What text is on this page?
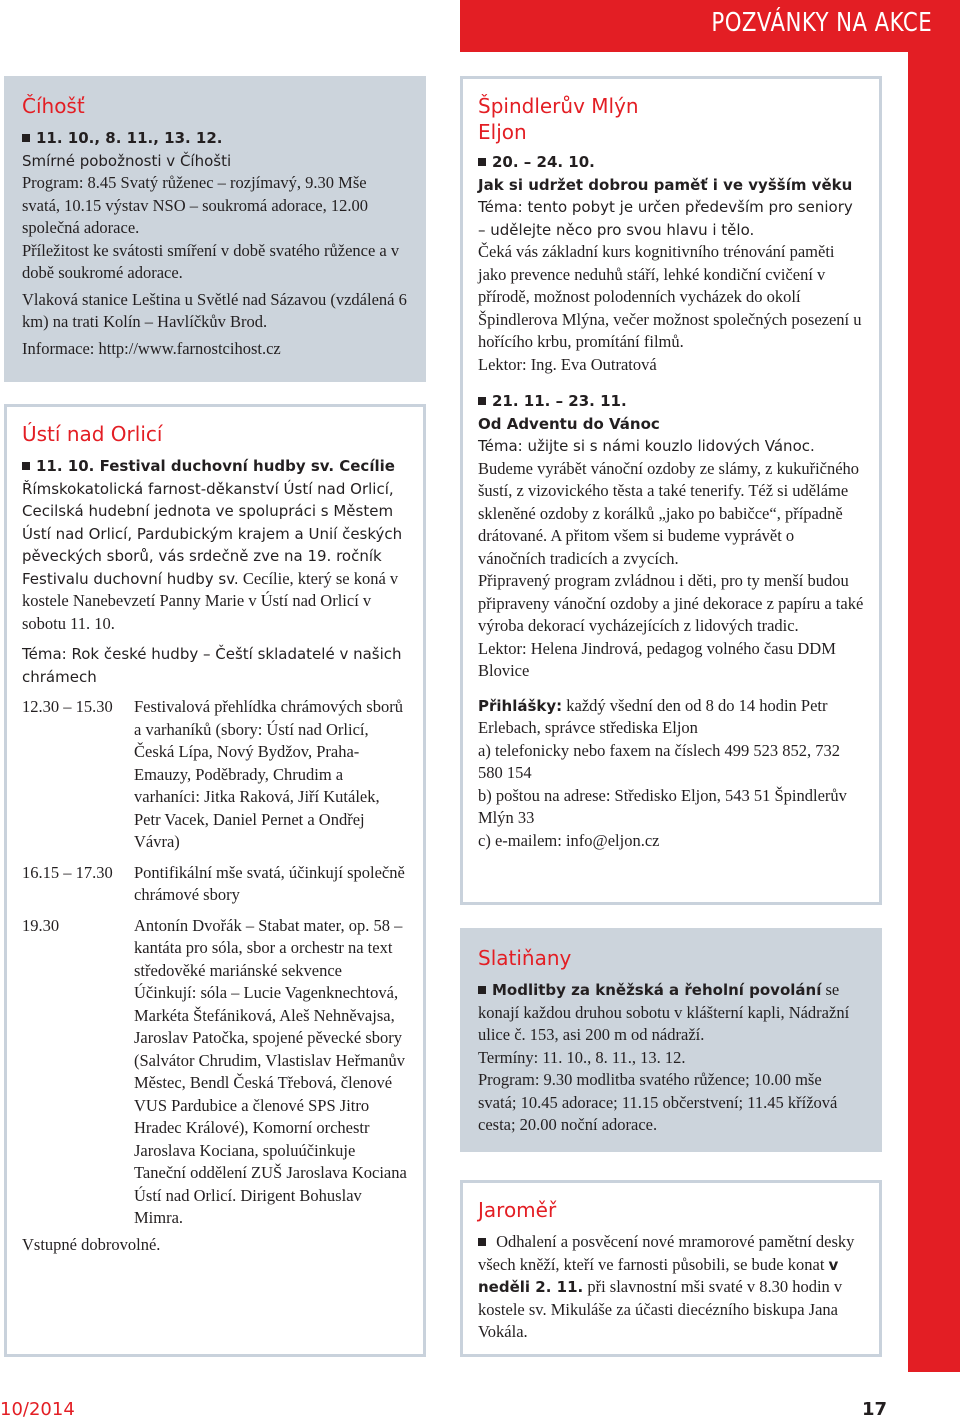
POZVÁNKY NA AKCE
Číhošť

11. 10., 8. 11., 13. 12.

Smírné pobožnosti v Číhošti

Program: 8.45 Svatý růženec – rozjímavý, 9.30 Mše svatá, 10.15 výstav NSO – soukromá adorace, 12.00 společná adorace.

Příležitost ke svátosti smíření v době svatého růžence a v době soukromé adorace.

Vlaková stanice Leština u Světlé nad Sázavou (vzdálená 6 km) na trati Kolín – Havlíčkův Brod.

Informace: http://www.farnostcihost.cz

Ústí nad Orlicí

11. 10. Festival duchovní hudby sv. Cecílie

Římskokatolická farnost-děkanství Ústí nad Orlicí, Cecilská hudební jednota ve spolupráci s Městem Ústí nad Orlicí, Pardubickým krajem a Unií českých pěveckých sborů, vás srdečně zve na 19. ročník Festivalu duchovní hudby sv. Cecílie, který se koná v kostele Nanebevzetí Panny Marie v Ústí nad Orlicí v sobotu 11. 10.

Téma: Rok české hudby – Čeští skladatelé v našich chrámech

12.30 – 15.30	Festivalová přehlídka chrámových sborů a varhaníků (sbory: Ústí nad Orlicí, Česká Lípa, Nový Bydžov, Praha-Emauzy, Poděbrady, Chrudim a varhaníci: Jitka Raková, Jiří Kutálek, Petr Vacek, Daniel Pernet a Ondřej Vávra)
16.15 – 17.30	Pontifikální mše svatá, účinkují společně chrámové sbory
19.30	Antonín Dvořák – Stabat mater, op. 58 – kantáta pro sóla, sbor a orchestr na text středověké mariánské sekvence Účinkují: sóla – Lucie Vagenknechtová, Markéta Štefániková, Aleš Nehněvajsa, Jaroslav Patočka, spojené pěvecké sbory (Salvátor Chrudim, Vlastislav Heřmanův Městec, Bendl Česká Třebová, členové VUS Pardubice a členové SPS Jitro Hradec Králové), Komorní orchestr Jaroslava Kociana, spoluúčinkuje Taneční oddělení ZUŠ Jaroslava Kociana Ústí nad Orlicí. Dirigent Bohuslav Mimra.

Vstupné dobrovolné.

Špindlerův Mlýn
Eljon

20. – 24. 10.

Jak si udržet dobrou paměť i ve vyšším věku

Téma: tento pobyt je určen především pro seniory – udělejte něco pro svou hlavu i tělo.

Čeká vás základní kurs kognitivního trénování paměti jako prevence neduhů stáří, lehké kondiční cvičení v přírodě, možnost polodenních vycházek do okolí Špindlerova Mlýna, večer možnost společných posezení u hořícího krbu, promítání filmů.

Lektor: Ing. Eva Outratová

21. 11. – 23. 11.

Od Adventu do Vánoc

Téma: užijte si s námi kouzlo lidových Vánoc.

Budeme vyrábět vánoční ozdoby ze slámy, z kukuřičného šustí, z vizovického těsta a také tenerify. Též si uděláme skleněné ozdoby z korálků „jako po babičce“, případně drátované. A přitom všem si budeme vyprávět o vánočních tradicích a zvycích.

Připravený program zvládnou i děti, pro ty menší budou připraveny vánoční ozdoby a jiné dekorace z papíru a také výroba dekorací vycházejících z lidových tradic.

Lektor: Helena Jindrová, pedagog volného času DDM Blovice

Přihlášky: každý všední den od 8 do 14 hodin Petr Erlebach, správce střediska Eljon

a) telefonicky nebo faxem na číslech 499 523 852, 732 580 154

b) poštou na adrese: Středisko Eljon, 543 51 Špindlerův Mlýn 33

c) e-mailem: info@eljon.cz

Slatiňany

Modlitby za kněžská a řeholní povolání se konají každou druhou sobotu v klášterní kapli, Nádražní ulice č. 153, asi 200 m od nádraží.

Termíny: 11. 10., 8. 11., 13. 12.

Program: 9.30 modlitba svatého růžence; 10.00 mše svatá; 10.45 adorace; 11.15 občerstvení; 11.45 křížová cesta; 20.00 noční adorace.

Jaroměř

Odhalení a posvěcení nové mramorové pamětní desky všech kněží, kteří ve farnosti působili, se bude konat v neděli 2. 11. při slavnostní mši svaté v 8.30 hodin v kostele sv. Mikuláše za účasti diecézního biskupa Jana Vokála.

10/2014	17
